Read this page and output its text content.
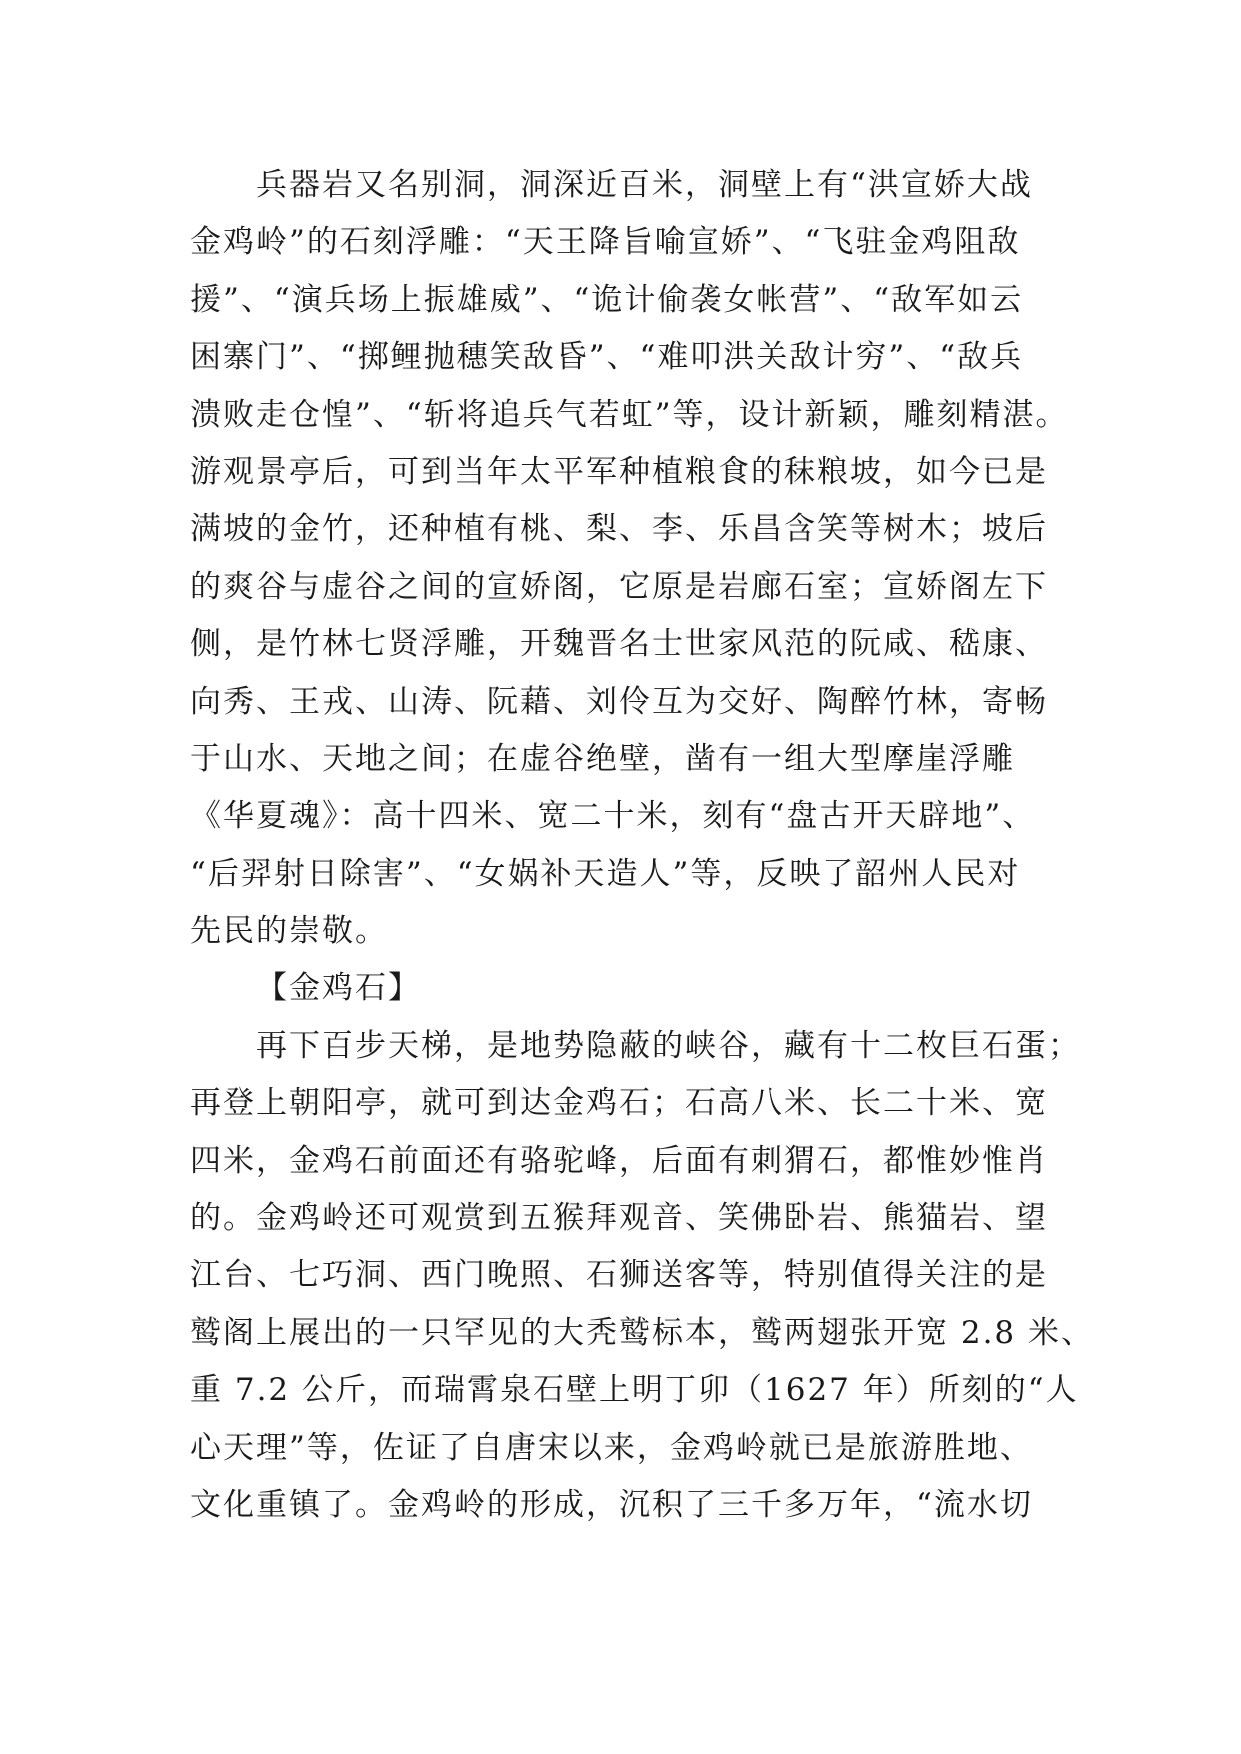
兵器岩又名别洞，洞深近百米，洞壁上有“洪宣娇大战
金鸡岭”的石刻浮雕：“天王降旨喻宣娇”、“飞驻金鸡阻敌
援”、“演兵场上振雄威”、“诡计偷袭女帐营”、“敌军如云
困寨门”、“掷鲤抛穗笑敌昏”、“难叩洪关敌计穷”、“敌兵
溃败走仓惶”、“斩将追兵气若虹”等，设计新颖，雕刻精湛。
游观景亭后，可到当年太平军种植粮食的秣粮坡，如今已是
满坡的金竹，还种植有桃、梨、李、乐昌含笑等树木；坡后
的爽谷与虚谷之间的宣娇阁，它原是岩廊石室；宣娇阁左下
侧，是竹林七贤浮雕，开魏晋名士世家风范的阮咸、嵇康、
向秀、王戎、山涛、阮藉、刘伶互为交好、陶醉竹林，寄畅
于山水、天地之间；在虚谷绝壁，凿有一组大型摩崖浮雕
《华夏魂》：高十四米、宽二十米，刻有“盘古开天辟地”、
“后羿射日除害”、“女娲补天造人”等，反映了韶州人民对
先民的崇敬。
【金鸡石】
再下百步天梯，是地势隐蔽的峡谷，藏有十二枚巨石蛋；
再登上朝阳亭，就可到达金鸡石；石高八米、长二十米、宽
四米，金鸡石前面还有骆驼峰，后面有刺猬石，都惟妙惟肖
的。金鸡岭还可观赏到五猴拜观音、笑佛卧岩、熊猫岩、望
江台、七巧洞、西门晚照、石狮送客等，特别值得关注的是
鹫阁上展出的一只罕见的大秃鹫标本，鹫两翅张开宽 2.8 米、
重 7.2 公斤，而瑞霄泉石壁上明丁卯（1627 年）所刻的“人
心天理”等，佐证了自唐宋以来，金鸡岭就已是旅游胜地、
文化重镇了。金鸡岭的形成，沉积了三千多万年，“流水切
